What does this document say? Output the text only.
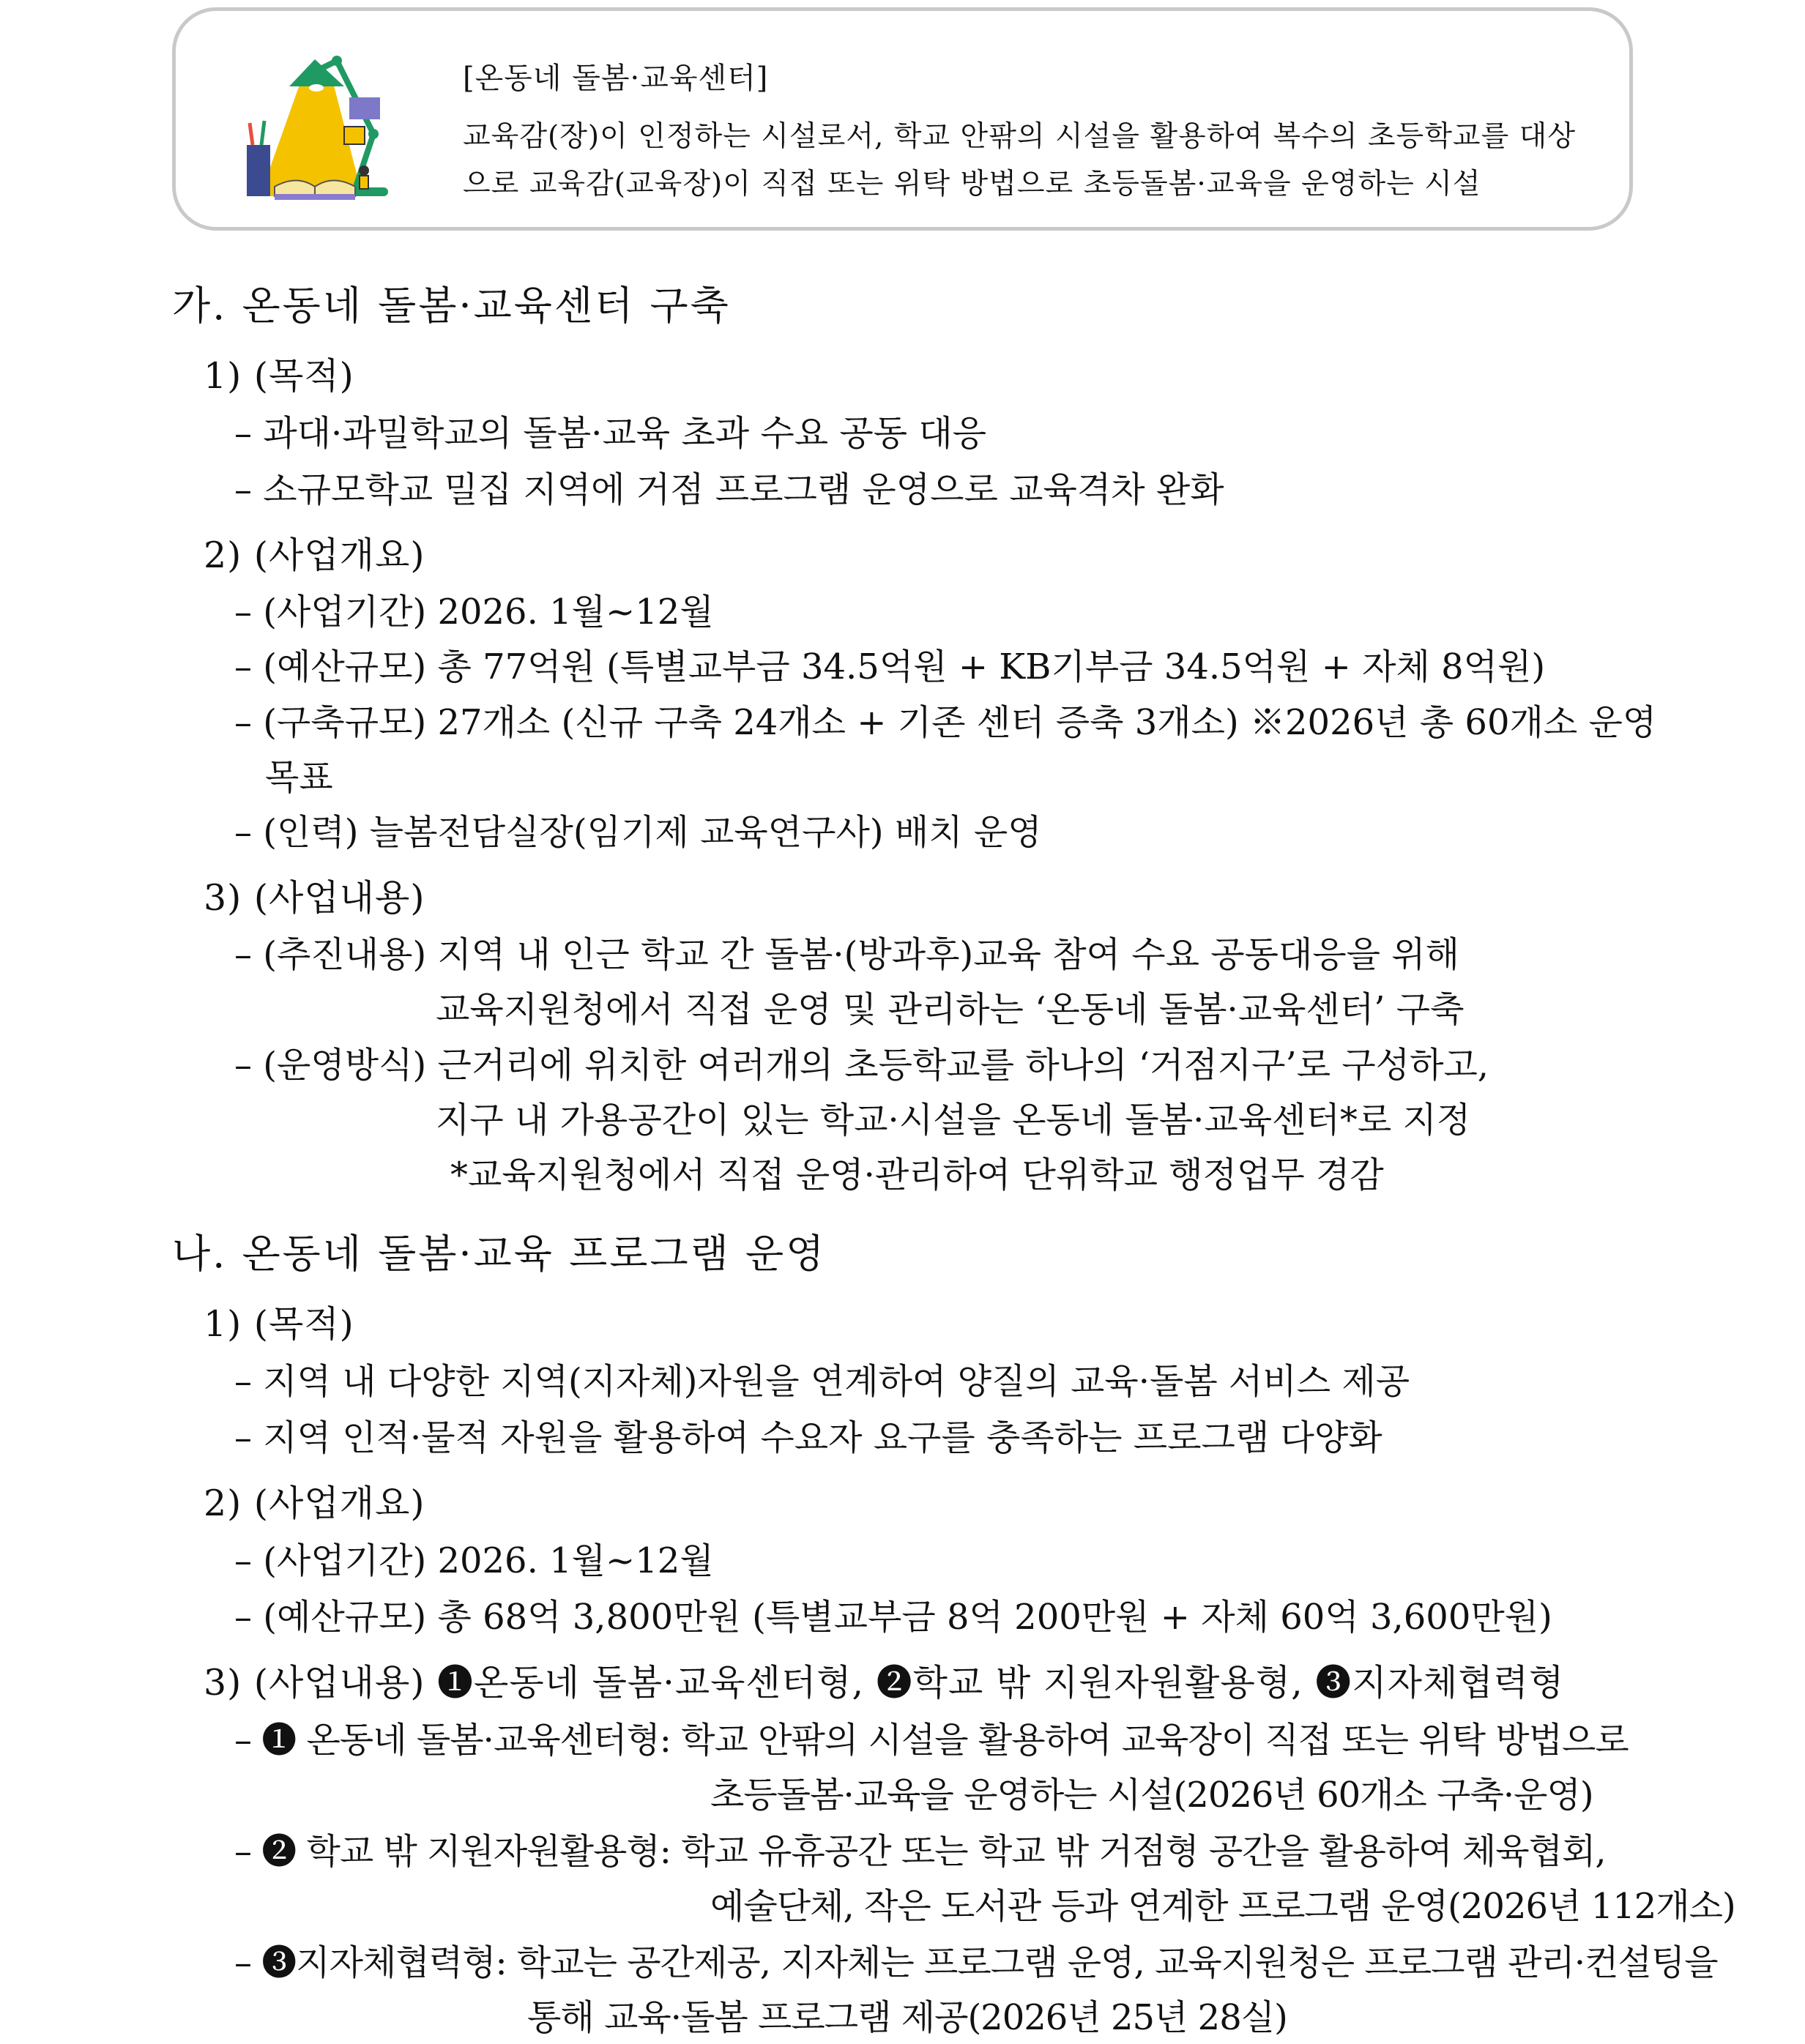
[온동네 돌봄·교육센터]
교육감(장)이 인정하는 시설로서, 학교 안팎의 시설을 활용하여 복수의 초등학교를 대상
으로 교육감(교육장)이 직접 또는 위탁 방법으로 초등돌봄·교육을 운영하는 시설
가. 온동네 돌봄·교육센터 구축
1) (목적)
– 과대·과밀학교의 돌봄·교육 초과 수요 공동 대응
– 소규모학교 밀집 지역에 거점 프로그램 운영으로 교육격차 완화
2) (사업개요)
– (사업기간) 2026. 1월~12월
– (예산규모) 총 77억원 (특별교부금 34.5억원 + KB기부금 34.5억원 + 자체 8억원)
– (구축규모) 27개소 (신규 구축 24개소 + 기존 센터 증축 3개소) ※2026년 총 60개소 운영
목표
– (인력) 늘봄전담실장(임기제 교육연구사) 배치 운영
3) (사업내용)
– (추진내용) 지역 내 인근 학교 간 돌봄·(방과후)교육 참여 수요 공동대응을 위해
교육지원청에서 직접 운영 및 관리하는 ‘온동네 돌봄·교육센터’ 구축
– (운영방식) 근거리에 위치한 여러개의 초등학교를 하나의 ‘거점지구’로 구성하고,
지구 내 가용공간이 있는 학교·시설을 온동네 돌봄·교육센터*로 지정
*교육지원청에서 직접 운영·관리하여 단위학교 행정업무 경감
나. 온동네 돌봄·교육 프로그램 운영
1) (목적)
– 지역 내 다양한 지역(지자체)자원을 연계하여 양질의 교육·돌봄 서비스 제공
– 지역 인적·물적 자원을 활용하여 수요자 요구를 충족하는 프로그램 다양화
2) (사업개요)
– (사업기간) 2026. 1월~12월
– (예산규모) 총 68억 3,800만원 (특별교부금 8억 200만원 + 자체 60억 3,600만원)
3) (사업내용) ❶온동네 돌봄·교육센터형, ❷학교 밖 지원자원활용형, ❸지자체협력형
– ❶ 온동네 돌봄·교육센터형: 학교 안팎의 시설을 활용하여 교육장이 직접 또는 위탁 방법으로
초등돌봄·교육을 운영하는 시설(2026년 60개소 구축·운영)
– ❷ 학교 밖 지원자원활용형: 학교 유휴공간 또는 학교 밖 거점형 공간을 활용하여 체육협회,
예술단체, 작은 도서관 등과 연계한 프로그램 운영(2026년 112개소)
– ❸지자체협력형: 학교는 공간제공, 지자체는 프로그램 운영, 교육지원청은 프로그램 관리·컨설팅을
통해 교육·돌봄 프로그램 제공(2026년 25년 28실)
